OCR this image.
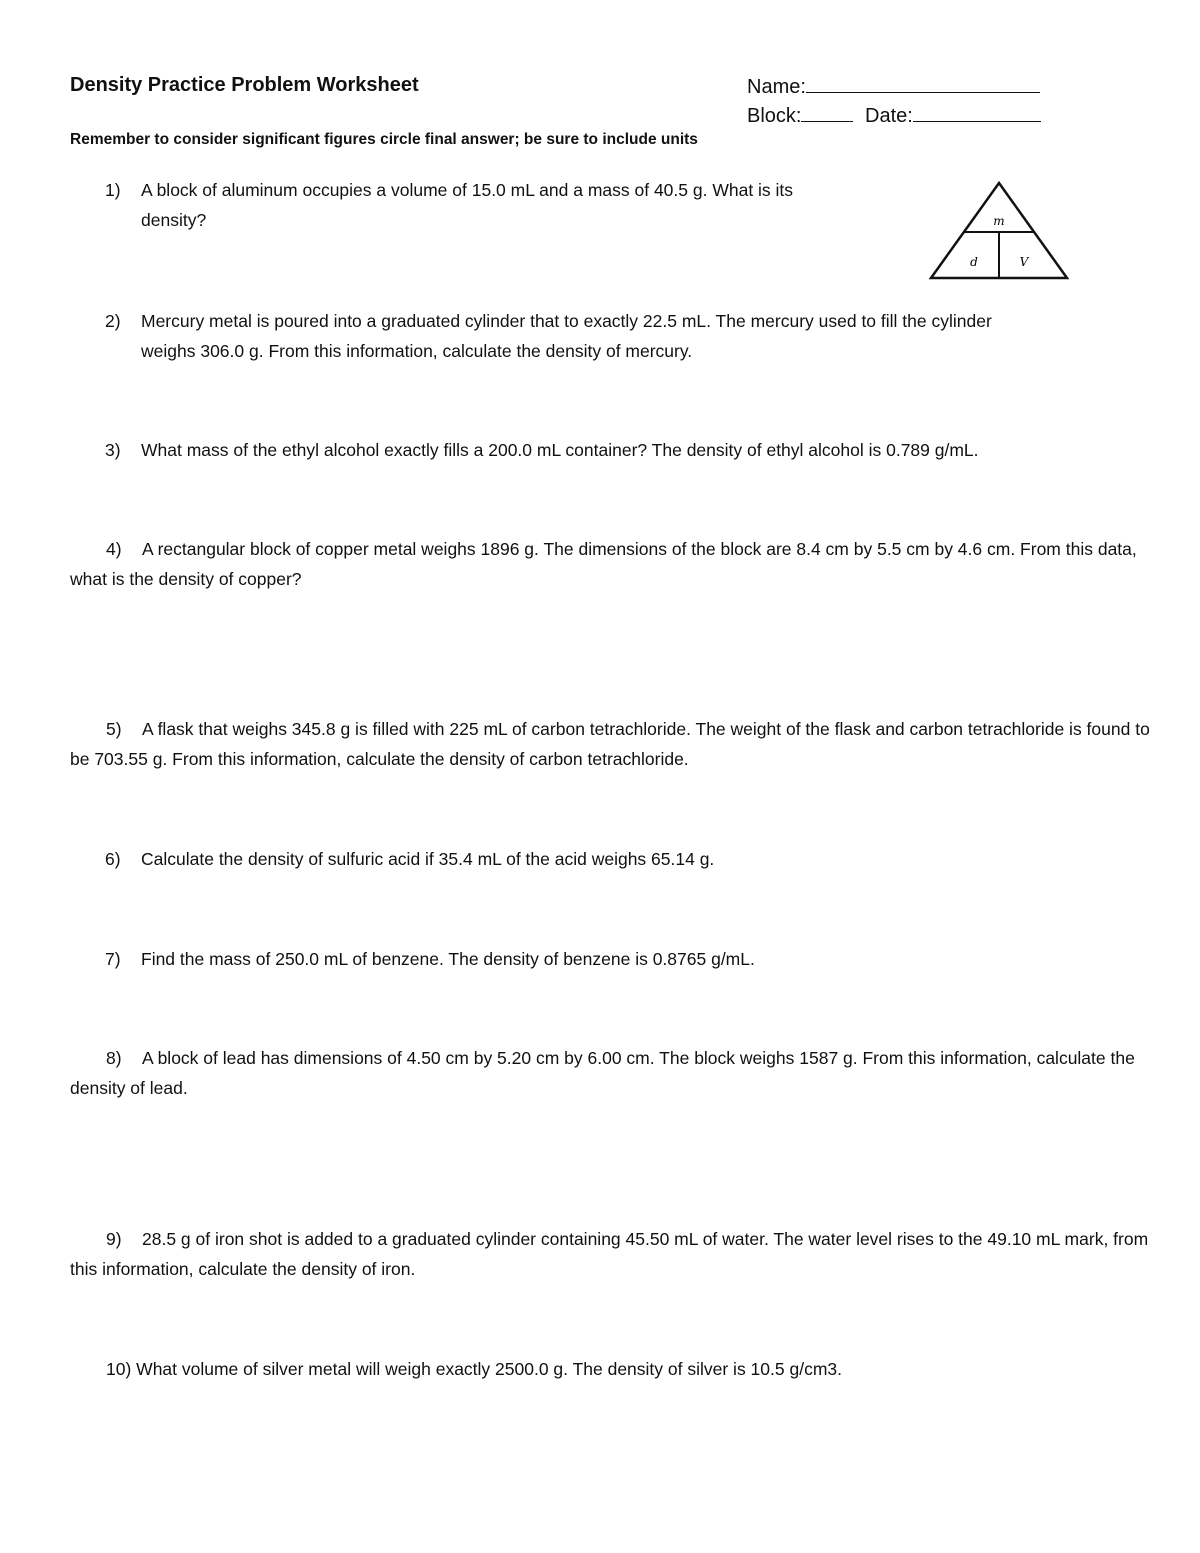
Density Practice Problem Worksheet	Name:
Block:	Date:
Remember to consider significant figures circle final answer; be sure to include units
1) A block of aluminum occupies a volume of 15.0 mL and a mass of 40.5 g. What is its
density?	m
d	V
2) Mercury metal is poured into a graduated cylinder that to exactly 22.5 mL. The mercury used to fill the cylinder
weighs 306.0 g. From this information, calculate the density of mercury.
3) What mass of the ethyl alcohol exactly fills a 200.0 mL container? The density of ethyl alcohol is 0.789 g/mL.
4) A rectangular block of copper metal weighs 1896 g. The dimensions of the block are 8.4 cm by 5.5 cm by 4.6 cm. From this data, what is the density of copper?
5) A flask that weighs 345.8 g is filled with 225 mL of carbon tetrachloride. The weight of the flask and carbon tetrachloride is found to be 703.55 g. From this information, calculate the density of carbon tetrachloride.
6) Calculate the density of sulfuric acid if 35.4 mL of the acid weighs 65.14 g.
7) Find the mass of 250.0 mL of benzene. The density of benzene is 0.8765 g/mL.
8) A block of lead has dimensions of 4.50 cm by 5.20 cm by 6.00 cm. The block weighs 1587 g. From this information, calculate the density of lead.
9) 28.5 g of iron shot is added to a graduated cylinder containing 45.50 mL of water. The water level rises to the 49.10 mL mark, from this information, calculate the density of iron.
10) What volume of silver metal will weigh exactly 2500.0 g. The density of silver is 10.5 g/cm3.
